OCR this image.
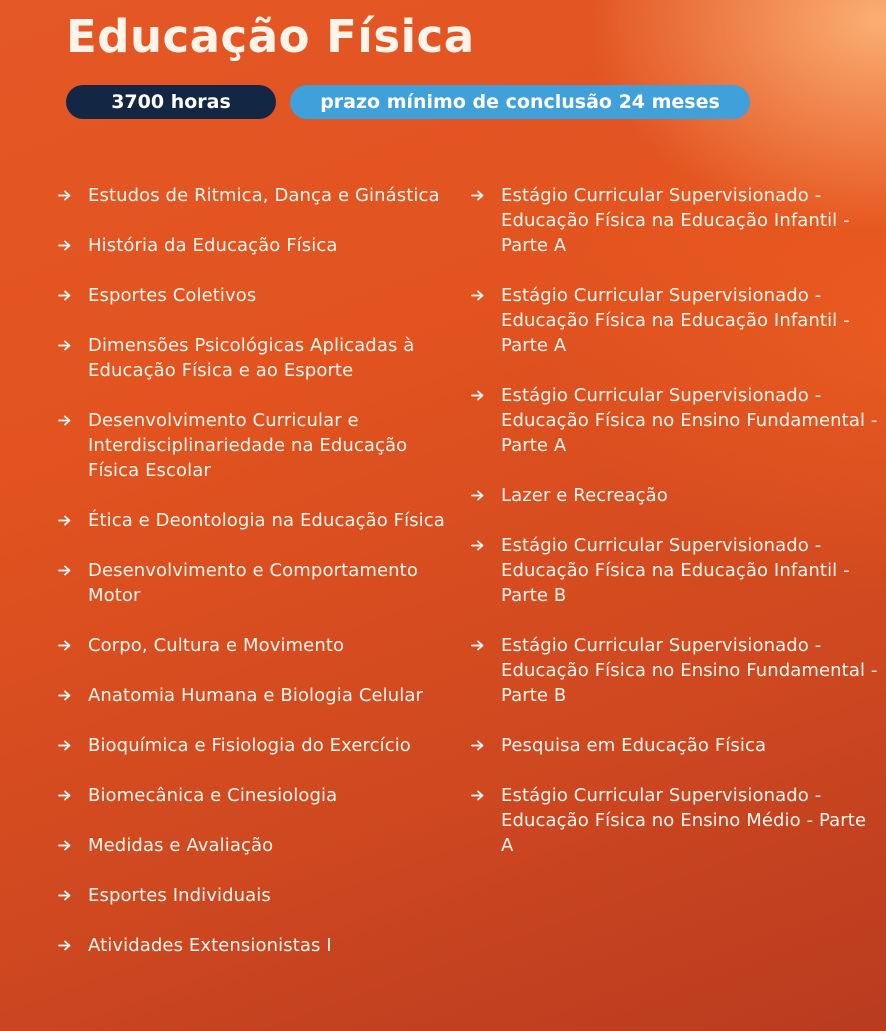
Educação Física
3700 horas	prazo mínimo de conclusão 24 meses
Estudos de Ritmica, Dança e Ginástica
História da Educação Física
Esportes Coletivos
Dimensões Psicológicas Aplicadas à Educação Física e ao Esporte
Desenvolvimento Curricular e Interdisciplinariedade na Educação Física Escolar
Ética e Deontologia na Educação Física
Desenvolvimento e Comportamento Motor
Corpo, Cultura e Movimento
Anatomia Humana e Biologia Celular
Bioquímica e Fisiologia do Exercício
Biomecânica e Cinesiologia
Medidas e Avaliação
Esportes Individuais
Atividades Extensionistas I
Estágio Curricular Supervisionado - Educação Física na Educação Infantil - Parte A
Estágio Curricular Supervisionado - Educação Física na Educação Infantil - Parte A
Estágio Curricular Supervisionado - Educação Física no Ensino Fundamental - Parte A
Lazer e Recreação
Estágio Curricular Supervisionado - Educação Física na Educação Infantil - Parte B
Estágio Curricular Supervisionado - Educação Física no Ensino Fundamental - Parte B
Pesquisa em Educação Física
Estágio Curricular Supervisionado - Educação Física no Ensino Médio - Parte A
